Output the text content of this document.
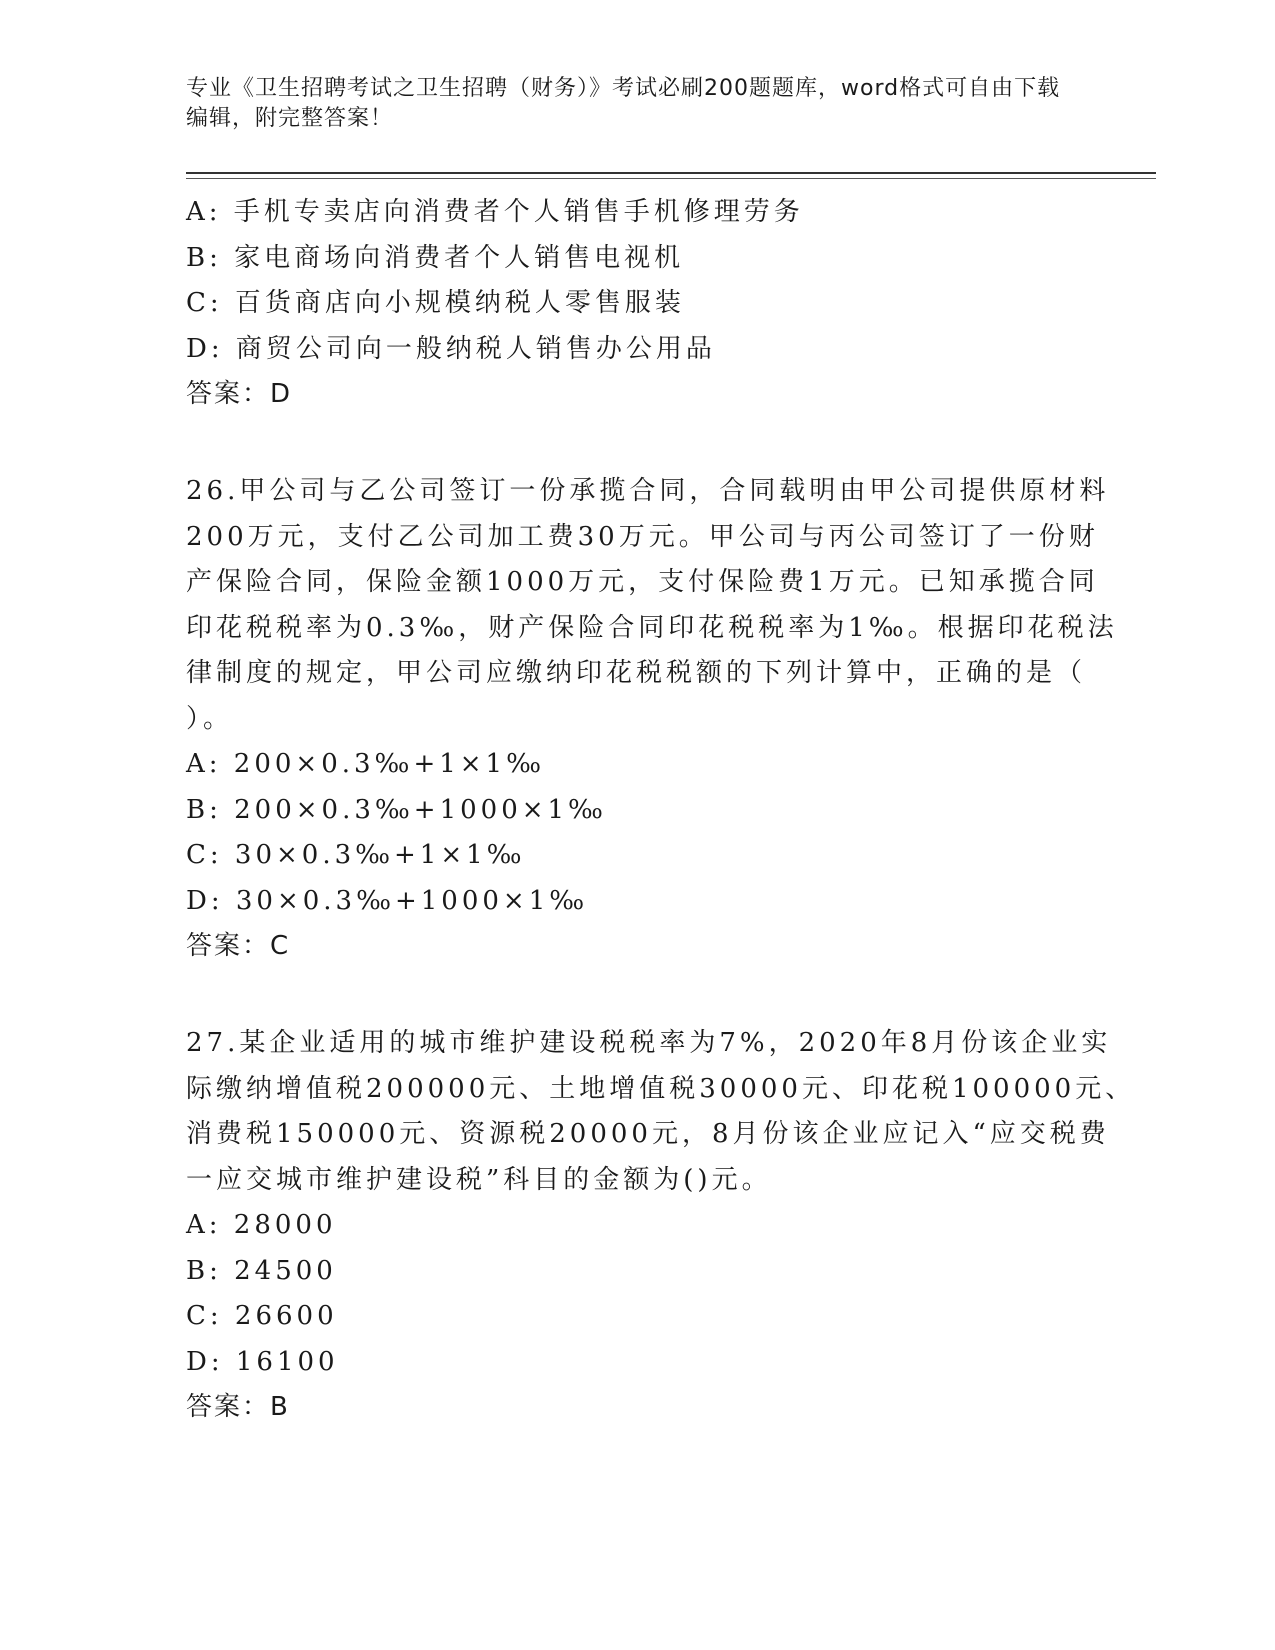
专业《卫生招聘考试之卫生招聘（财务）》考试必刷200题题库，word格式可自由下载编辑，附完整答案！
A: 手机专卖店向消费者个人销售手机修理劳务
B: 家电商场向消费者个人销售电视机
C: 百货商店向小规模纳税人零售服装
D: 商贸公司向一般纳税人销售办公用品
答案：D
26.甲公司与乙公司签订一份承揽合同，合同载明由甲公司提供原材料
200万元，支付乙公司加工费30万元。甲公司与丙公司签订了一份财
产保险合同，保险金额1000万元，支付保险费1万元。已知承揽合同
印花税税率为0.3‰，财产保险合同印花税税率为1‰。根据印花税法
律制度的规定，甲公司应缴纳印花税税额的下列计算中，正确的是（
）。
A: 200×0.3‰+1×1‰
B: 200×0.3‰+1000×1‰
C: 30×0.3‰+1×1‰
D: 30×0.3‰+1000×1‰
答案：C
27.某企业适用的城市维护建设税税率为7%，2020年8月份该企业实
际缴纳增值税200000元、土地增值税30000元、印花税100000元、
消费税150000元、资源税20000元，8月份该企业应记入“应交税费
一应交城市维护建设税”科目的金额为()元。
A: 28000
B: 24500
C: 26600
D: 16100
答案：B
